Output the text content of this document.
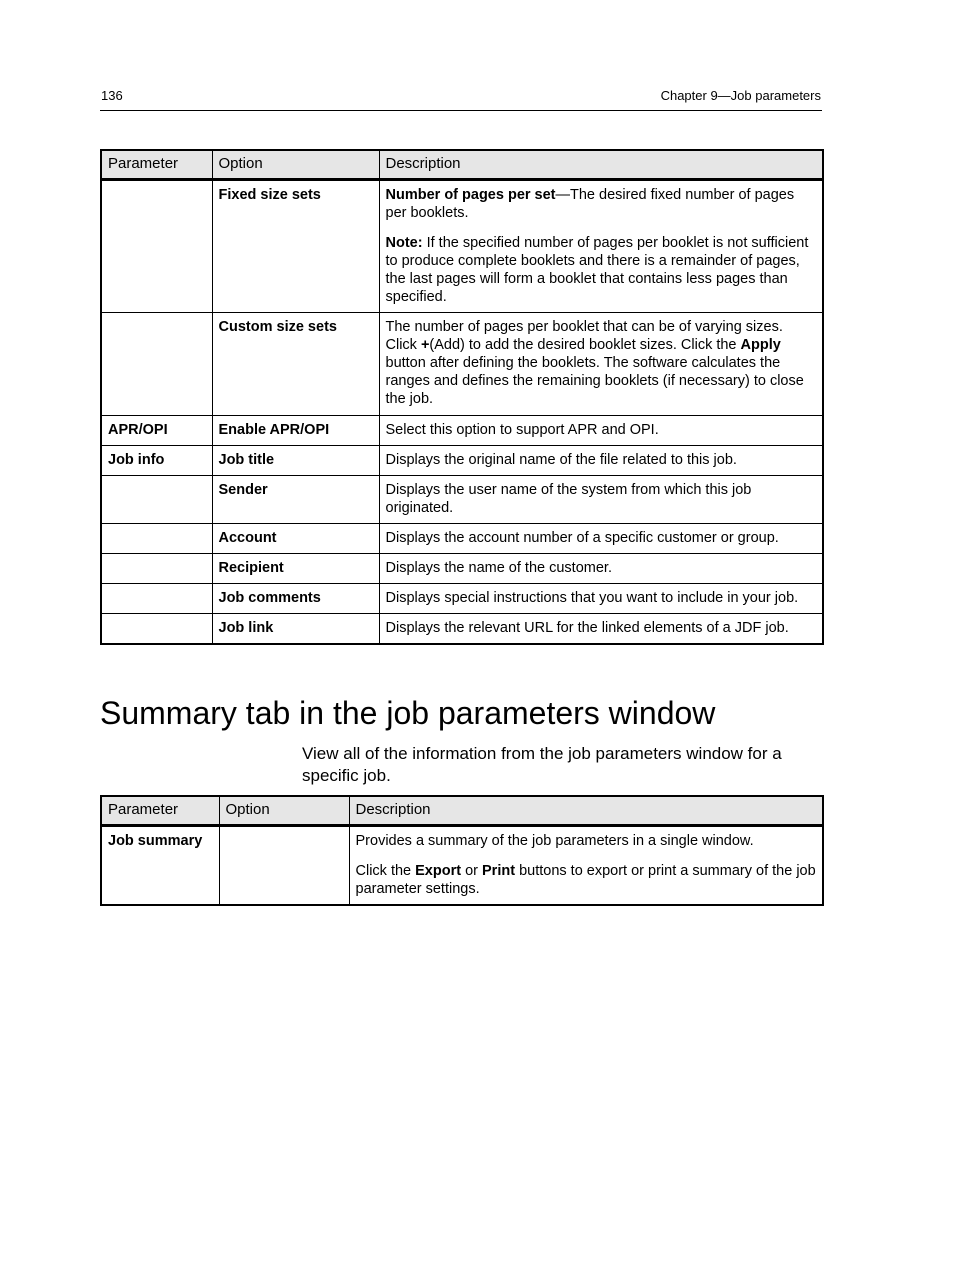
136	Chapter 9—Job parameters
Parameter	Option	Description
	Fixed size sets	Number of pages per set—The desired fixed number of pages per booklets.

Note: If the specified number of pages per booklet is not sufficient to produce complete booklets and there is a remainder of pages, the last pages will form a booklet that contains less pages than specified.

	Custom size sets	The number of pages per booklet that can be of varying sizes. Click +(Add) to add the desired booklet sizes. Click the Apply button after defining the booklets. The software calculates the ranges and defines the remaining booklets (if necessary) to close the job.
APR/OPI	Enable APR/OPI	Select this option to support APR and OPI.
Job info	Job title	Displays the original name of the file related to this job.
	Sender	Displays the user name of the system from which this job originated.
	Account	Displays the account number of a specific customer or group.
	Recipient	Displays the name of the customer.
	Job comments	Displays special instructions that you want to include in your job.
	Job link	Displays the relevant URL for the linked elements of a JDF job.
Summary tab in the job parameters window

View all of the information from the job parameters window for a specific job.

Parameter	Option	Description
Job summary		Provides a summary of the job parameters in a single window.

Click the Export or Print buttons to export or print a summary of the job parameter settings.
